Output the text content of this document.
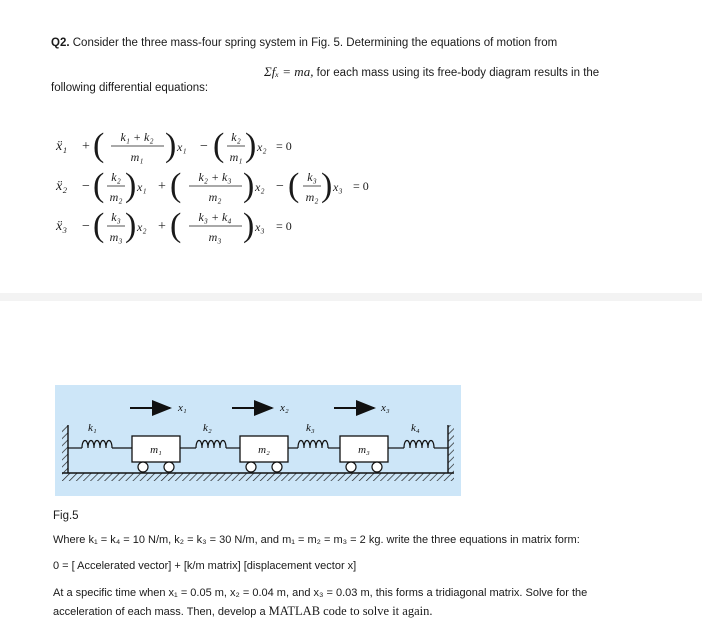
Q2. Consider the three mass-four spring system in Fig. 5. Determining the equations of motion from
Σfₓ = ma, for each mass using its free-body diagram results in the
following differential equations:
ẍ₁ + ( k₁ + k₂
m₁ ) x₁ − ( k₂
m₁ ) x₂ = 0
ẍ₂ − ( k₂
m₂ ) x₁ + ( k₂ + k₃
m₂ ) x₂ − ( k₃
m₂ ) x₃ = 0
ẍ₃ − ( k₃
m₃ ) x₂ + ( k₃ + k₄
m₃ ) x₃ = 0
x₁	x₂	x₃
k₁	k₂	k₃	k₄
m₁	m₂	m₃
Fig.5
Where k₁ = k₄ = 10 N/m, k₂ = k₃ = 30 N/m, and m₁ = m₂ = m₃ = 2 kg. write the three equations in matrix form:
0 = [ Accelerated vector] + [k/m matrix] [displacement vector x]
At a specific time when x₁ = 0.05 m, x₂ = 0.04 m, and x₃ = 0.03 m, this forms a tridiagonal matrix. Solve for the
acceleration of each mass. Then, develop a MATLAB code to solve it again.
